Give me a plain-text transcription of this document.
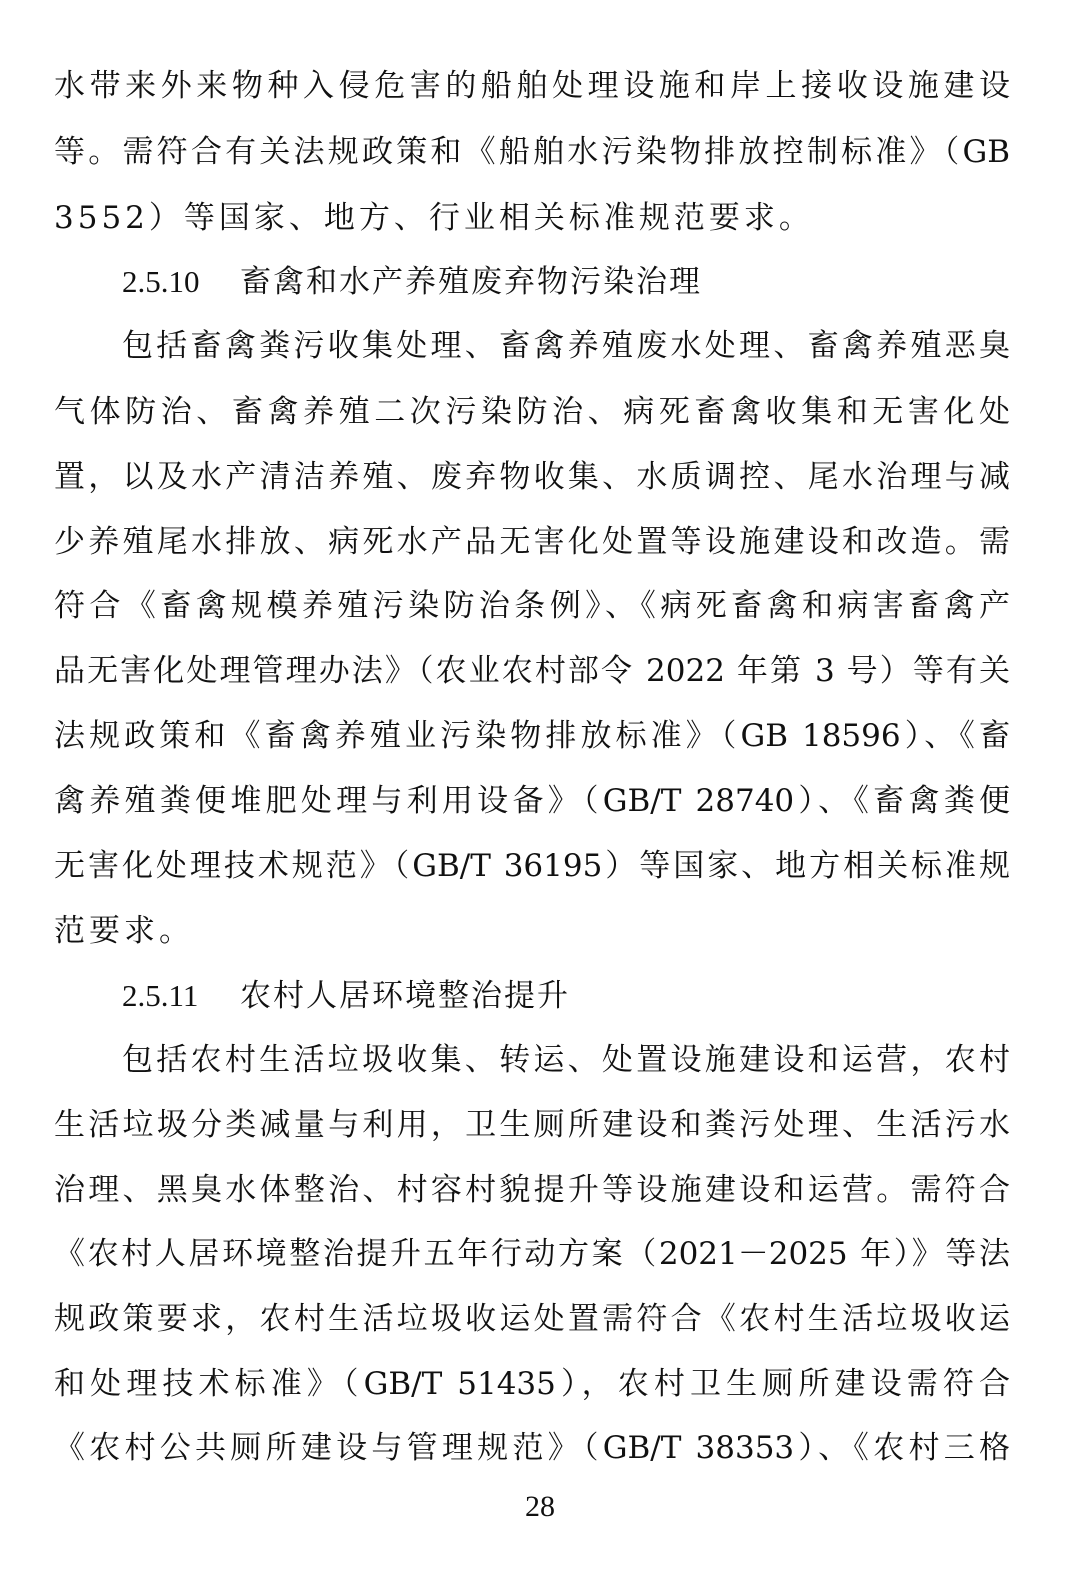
水带来外来物种入侵危害的船舶处理设施和岸上接收设施建设
等。需符合有关法规政策和《船舶水污染物排放控制标准》（GB
3552）等国家、地方、行业相关标准规范要求。
2.5.10 畜禽和水产养殖废弃物污染治理
包括畜禽粪污收集处理、畜禽养殖废水处理、畜禽养殖恶臭
气体防治、畜禽养殖二次污染防治、病死畜禽收集和无害化处
置，以及水产清洁养殖、废弃物收集、水质调控、尾水治理与减
少养殖尾水排放、病死水产品无害化处置等设施建设和改造。需
符合《畜禽规模养殖污染防治条例》、《病死畜禽和病害畜禽产
品无害化处理管理办法》（农业农村部令 2022 年第 3 号）等有关
法规政策和《畜禽养殖业污染物排放标准》（GB 18596）、《畜
禽养殖粪便堆肥处理与利用设备》（GB/T 28740）、《畜禽粪便
无害化处理技术规范》（GB/T 36195）等国家、地方相关标准规
范要求。
2.5.11 农村人居环境整治提升
包括农村生活垃圾收集、转运、处置设施建设和运营，农村
生活垃圾分类减量与利用，卫生厕所建设和粪污处理、生活污水
治理、黑臭水体整治、村容村貌提升等设施建设和运营。需符合
《农村人居环境整治提升五年行动方案（2021－2025 年）》等法
规政策要求，农村生活垃圾收运处置需符合《农村生活垃圾收运
和处理技术标准》（GB/T 51435），农村卫生厕所建设需符合
《农村公共厕所建设与管理规范》（GB/T 38353）、《农村三格
28
